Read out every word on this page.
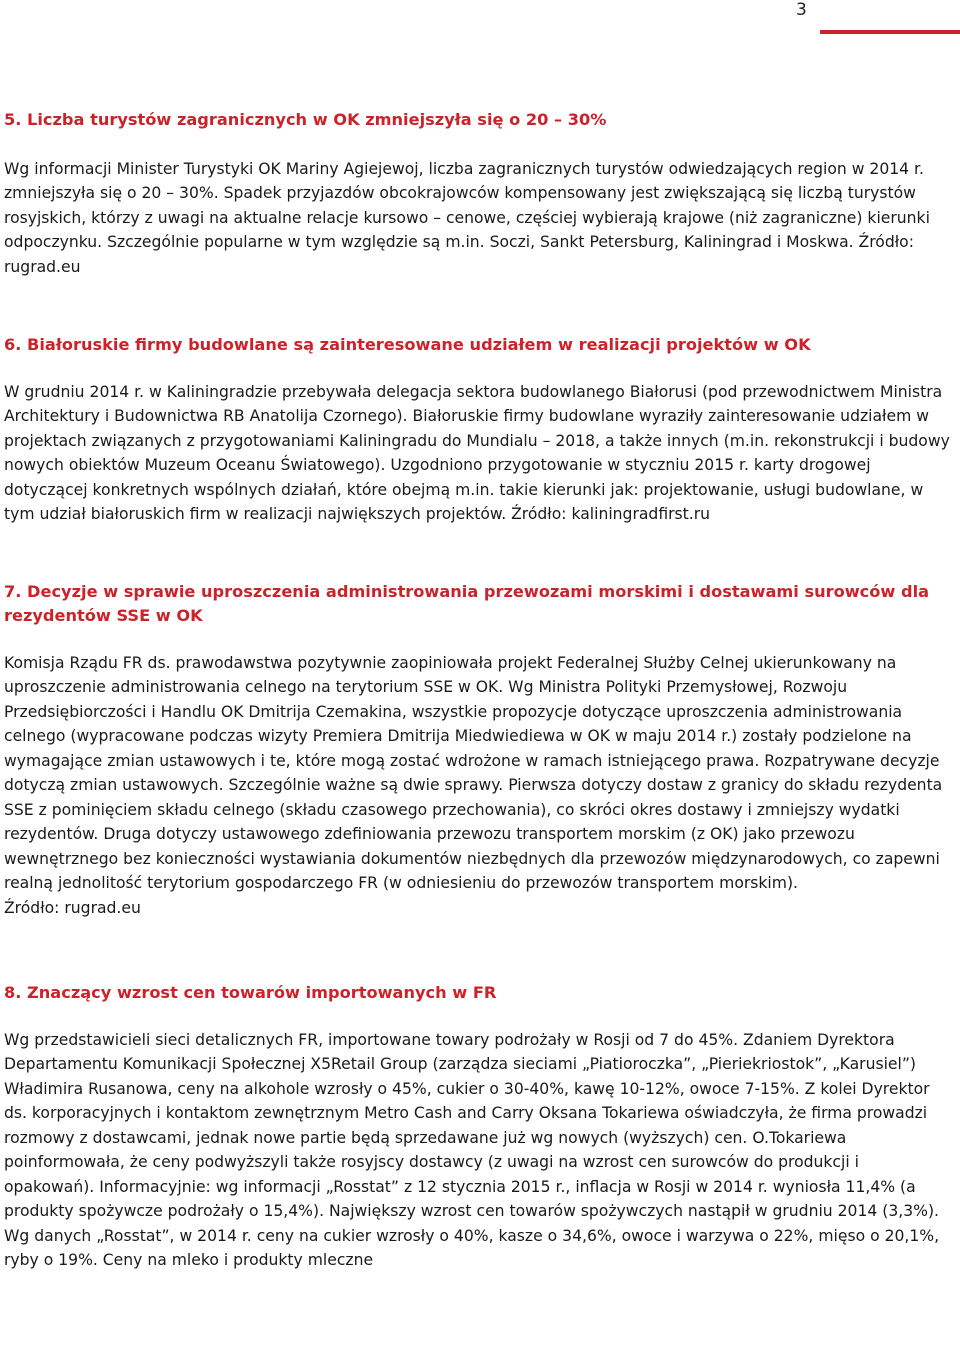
3
5. Liczba turystów zagranicznych w OK zmniejszyła się o 20 – 30%

Wg informacji Minister Turystyki OK Mariny Agiejewoj, liczba zagranicznych turystów odwiedzających region w 2014 r. zmniejszyła się o 20 – 30%. Spadek przyjazdów obcokrajowców kompensowany jest zwiększającą się liczbą turystów rosyjskich, którzy z uwagi na aktualne relacje kursowo – cenowe, częściej wybierają krajowe (niż zagraniczne) kierunki odpoczynku. Szczególnie popularne w tym względzie są m.in. Soczi, Sankt Petersburg, Kaliningrad i Moskwa. Źródło: rugrad.eu

6. Białoruskie firmy budowlane są zainteresowane udziałem w realizacji projektów w OK

W grudniu 2014 r. w Kaliningradzie przebywała delegacja sektora budowlanego Białorusi (pod przewodnictwem Ministra Architektury i Budownictwa RB Anatolija Czornego). Białoruskie firmy budowlane wyraziły zainteresowanie udziałem w projektach związanych z przygotowaniami Kaliningradu do Mundialu – 2018, a także innych (m.in. rekonstrukcji i budowy nowych obiektów Muzeum Oceanu Światowego). Uzgodniono przygotowanie w styczniu 2015 r. karty drogowej dotyczącej konkretnych wspólnych działań, które obejmą m.in. takie kierunki jak: projektowanie, usługi budowlane, w tym udział białoruskich firm w realizacji największych projektów. Źródło: kaliningradfirst.ru

7. Decyzje w sprawie uproszczenia administrowania przewozami morskimi i dostawami surowców dla rezydentów SSE w OK

Komisja Rządu FR ds. prawodawstwa pozytywnie zaopiniowała projekt Federalnej Służby Celnej ukierunkowany na uproszczenie administrowania celnego na terytorium SSE w OK. Wg Ministra Polityki Przemysłowej, Rozwoju Przedsiębiorczości i Handlu OK Dmitrija Czemakina, wszystkie propozycje dotyczące uproszczenia administrowania celnego (wypracowane podczas wizyty Premiera Dmitrija Miedwiediewa w OK w maju 2014 r.) zostały podzielone na wymagające zmian ustawowych i te, które mogą zostać wdrożone w ramach istniejącego prawa. Rozpatrywane decyzje dotyczą zmian ustawowych. Szczególnie ważne są dwie sprawy. Pierwsza dotyczy dostaw z granicy do składu rezydenta SSE z pominięciem składu celnego (składu czasowego przechowania), co skróci okres dostawy i zmniejszy wydatki rezydentów. Druga dotyczy ustawowego zdefiniowania przewozu transportem morskim (z OK) jako przewozu wewnętrznego bez konieczności wystawiania dokumentów niezbędnych dla przewozów międzynarodowych, co zapewni realną jednolitość terytorium gospodarczego FR (w odniesieniu do przewozów transportem morskim).

Źródło: rugrad.eu

8. Znaczący wzrost cen towarów importowanych w FR

Wg przedstawicieli sieci detalicznych FR, importowane towary podrożały w Rosji od 7 do 45%. Zdaniem Dyrektora Departamentu Komunikacji Społecznej X5Retail Group (zarządza sieciami „Piatioroczka”, „Pieriekriostok”, „Karusiel”) Władimira Rusanowa, ceny na alkohole wzrosły o 45%, cukier o 30-40%, kawę 10-12%, owoce 7-15%. Z kolei Dyrektor ds. korporacyjnych i kontaktom zewnętrznym Metro Cash and Carry Oksana Tokariewa oświadczyła, że firma prowadzi rozmowy z dostawcami, jednak nowe partie będą sprzedawane już wg nowych (wyższych) cen. O.Tokariewa poinformowała, że ceny podwyższyli także rosyjscy dostawcy (z uwagi na wzrost cen surowców do produkcji i opakowań). Informacyjnie: wg informacji „Rosstat” z 12 stycznia 2015 r., inflacja w Rosji w 2014 r. wyniosła 11,4% (a produkty spożywcze podrożały o 15,4%). Największy wzrost cen towarów spożywczych nastąpił w grudniu 2014 (3,3%). Wg danych „Rosstat”, w 2014 r. ceny na cukier wzrosły o 40%, kasze o 34,6%, owoce i warzywa o 22%, mięso o 20,1%, ryby o 19%. Ceny na mleko i produkty mleczne
